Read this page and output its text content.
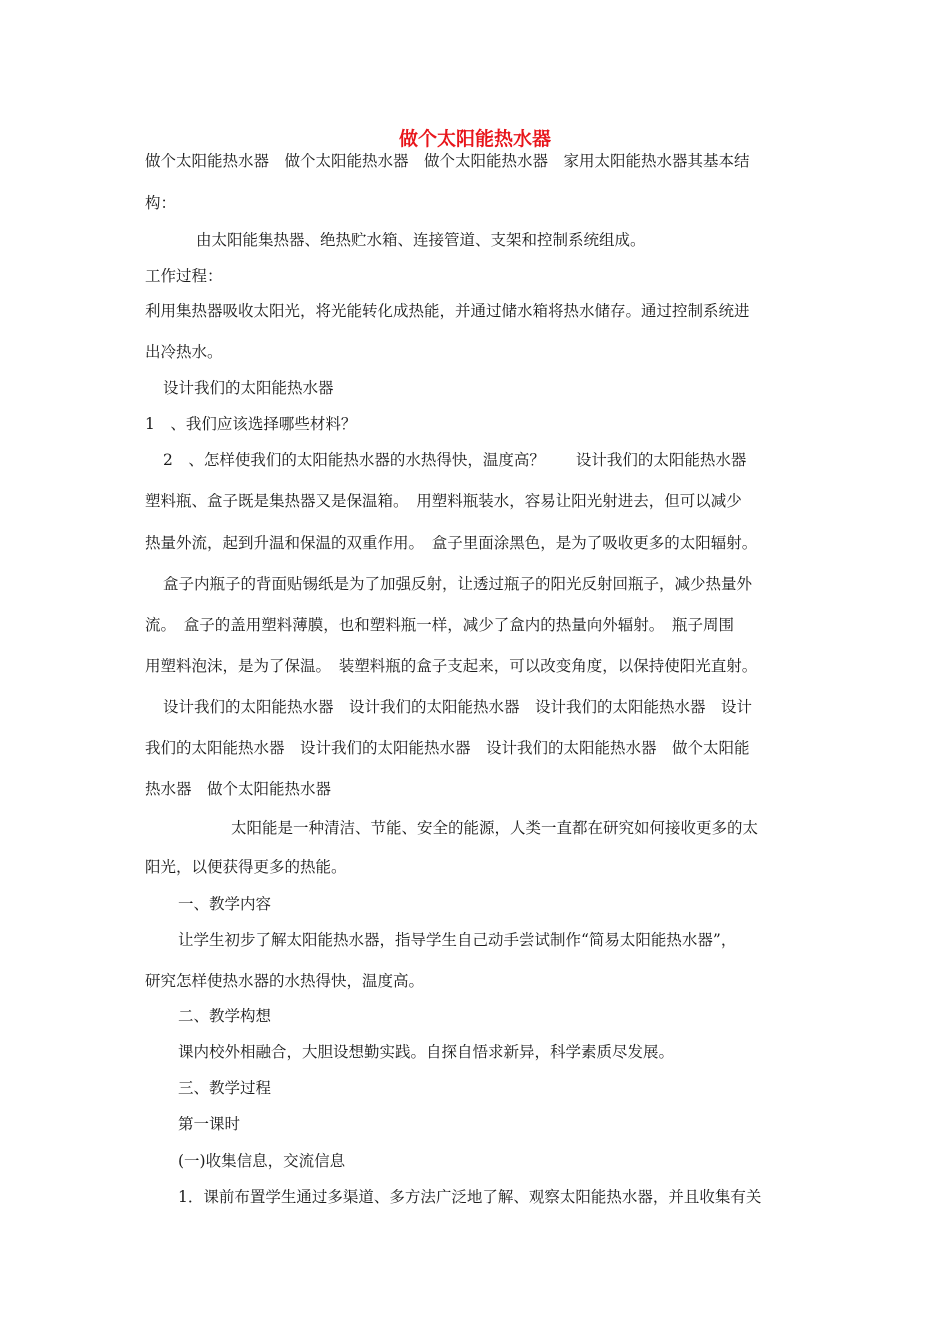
做个太阳能热水器
做个太阳能热水器　做个太阳能热水器　做个太阳能热水器　家用太阳能热水器其基本结
构：
由太阳能集热器、绝热贮水箱、连接管道、支架和控制系统组成。
工作过程：
利用集热器吸收太阳光，将光能转化成热能，并通过储水箱将热水储存。通过控制系统进
出冷热水。
设计我们的太阳能热水器
1　、我们应该选择哪些材料？
2　、怎样使我们的太阳能热水器的水热得快，温度高？　　设计我们的太阳能热水器
塑料瓶、盒子既是集热器又是保温箱。　用塑料瓶装水，容易让阳光射进去，但可以减少
热量外流，起到升温和保温的双重作用。　盒子里面涂黑色，是为了吸收更多的太阳辐射。
盒子内瓶子的背面贴锡纸是为了加强反射，让透过瓶子的阳光反射回瓶子，减少热量外
流。　盒子的盖用塑料薄膜，也和塑料瓶一样，减少了盒内的热量向外辐射。　瓶子周围
用塑料泡沫，是为了保温。　装塑料瓶的盒子支起来，可以改变角度，以保持使阳光直射。
设计我们的太阳能热水器　设计我们的太阳能热水器　设计我们的太阳能热水器　设计
我们的太阳能热水器　设计我们的太阳能热水器　设计我们的太阳能热水器　做个太阳能
热水器　做个太阳能热水器
太阳能是一种清洁、节能、安全的能源，人类一直都在研究如何接收更多的太
阳光，以便获得更多的热能。
一、教学内容
让学生初步了解太阳能热水器，指导学生自己动手尝试制作“简易太阳能热水器”，
研究怎样使热水器的水热得快，温度高。
二、教学构想
课内校外相融合，大胆设想勤实践。自探自悟求新异，科学素质尽发展。
三、教学过程
第一课时
(一)收集信息，交流信息
1．课前布置学生通过多渠道、多方法广泛地了解、观察太阳能热水器，并且收集有关
